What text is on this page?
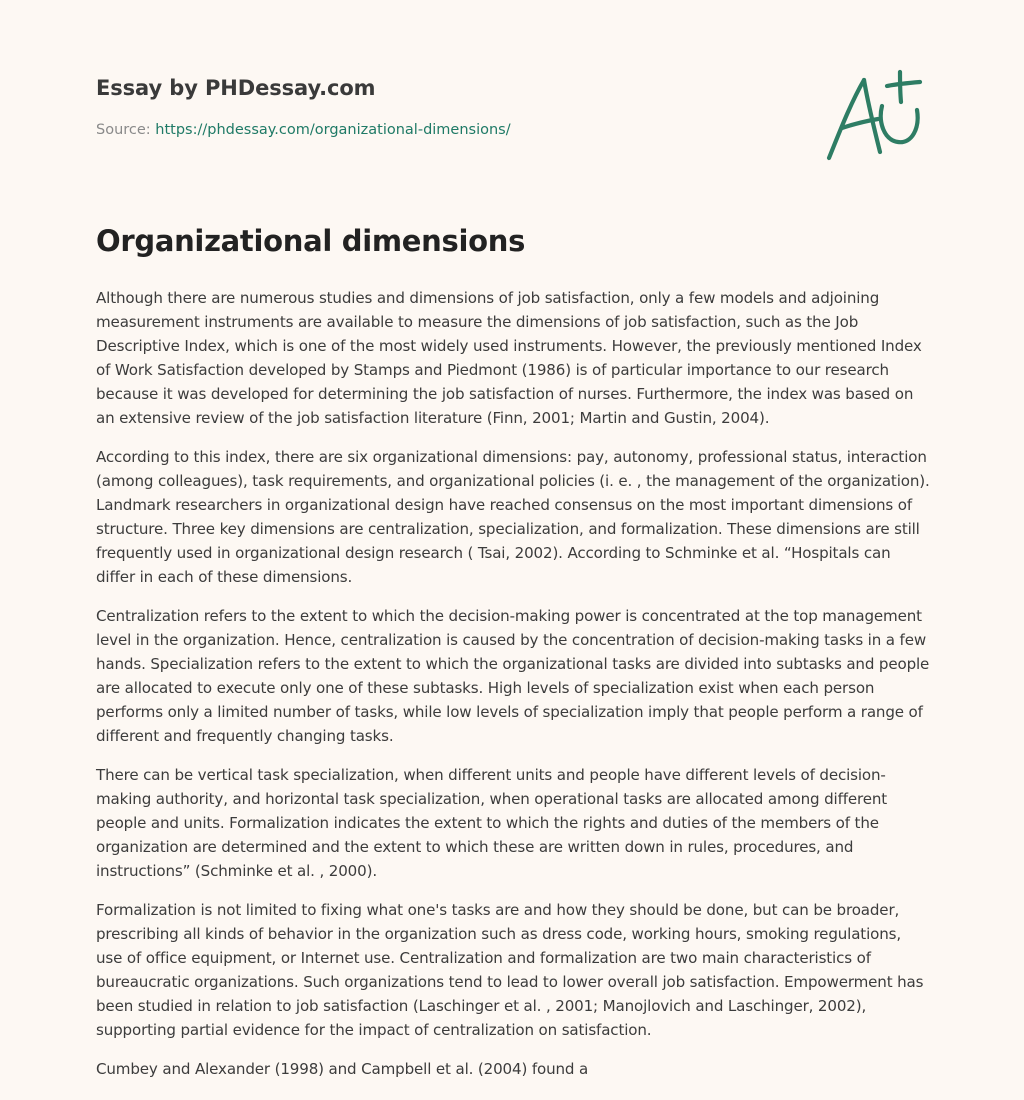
Essay by PHDessay.com
Source: https://phdessay.com/organizational-dimensions/
Organizational dimensions

Although there are numerous studies and dimensions of job satisfaction, only a few models and adjoining measurement instruments are available to measure the dimensions of job satisfaction, such as the Job Descriptive Index, which is one of the most widely used instruments. However, the previously mentioned Index of Work Satisfaction developed by Stamps and Piedmont (1986) is of particular importance to our research because it was developed for determining the job satisfaction of nurses. Furthermore, the index was based on an extensive review of the job satisfaction literature (Finn, 2001; Martin and Gustin, 2004).

According to this index, there are six organizational dimensions: pay, autonomy, professional status, interaction (among colleagues), task requirements, and organizational policies (i. e. , the management of the organization). Landmark researchers in organizational design have reached consensus on the most important dimensions of structure. Three key dimensions are centralization, specialization, and formalization. These dimensions are still frequently used in organizational design research ( Tsai, 2002). According to Schminke et al. “Hospitals can differ in each of these dimensions.

Centralization refers to the extent to which the decision-making power is concentrated at the top management level in the organization. Hence, centralization is caused by the concentration of decision-making tasks in a few hands. Specialization refers to the extent to which the organizational tasks are divided into subtasks and people are allocated to execute only one of these subtasks. High levels of specialization exist when each person performs only a limited number of tasks, while low levels of specialization imply that people perform a range of different and frequently changing tasks.

There can be vertical task specialization, when different units and people have different levels of decision-making authority, and horizontal task specialization, when operational tasks are allocated among different people and units. Formalization indicates the extent to which the rights and duties of the members of the organization are determined and the extent to which these are written down in rules, procedures, and instructions” (Schminke et al. , 2000).

Formalization is not limited to fixing what one's tasks are and how they should be done, but can be broader, prescribing all kinds of behavior in the organization such as dress code, working hours, smoking regulations, use of office equipment, or Internet use. Centralization and formalization are two main characteristics of bureaucratic organizations. Such organizations tend to lead to lower overall job satisfaction. Empowerment has been studied in relation to job satisfaction (Laschinger et al. , 2001; Manojlovich and Laschinger, 2002), supporting partial evidence for the impact of centralization on satisfaction.

Cumbey and Alexander (1998) and Campbell et al. (2004) found a
